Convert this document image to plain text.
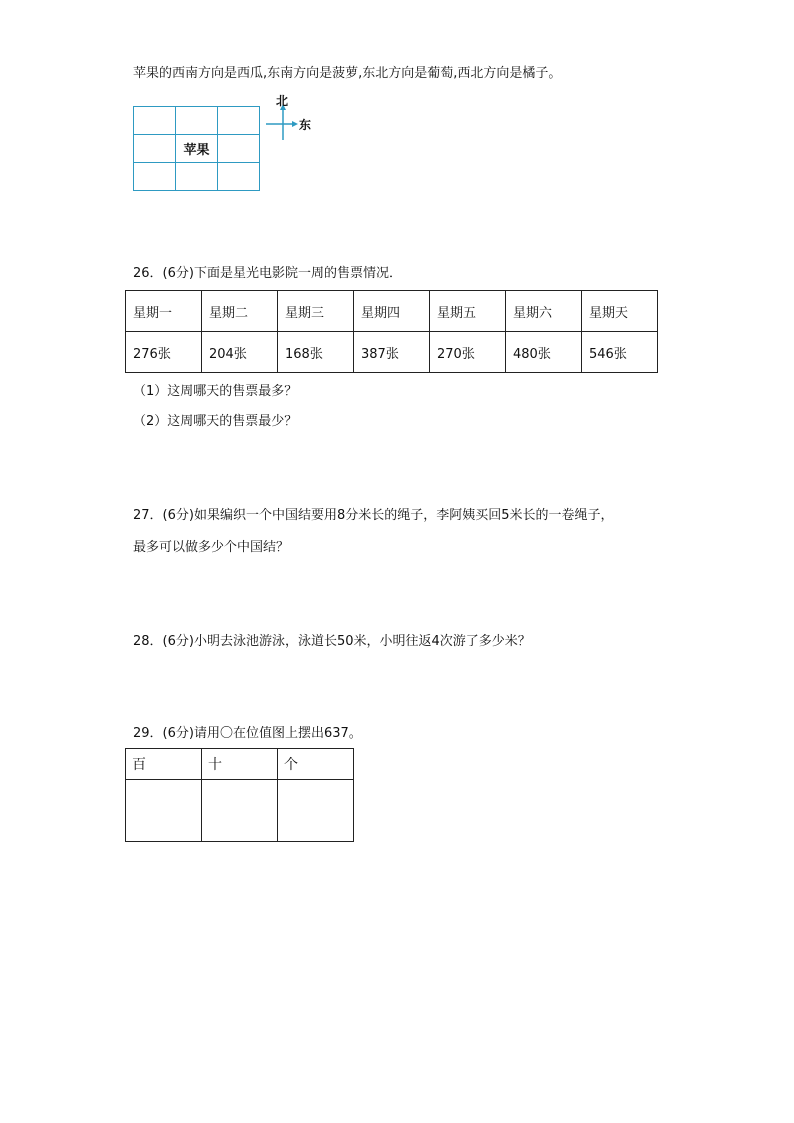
苹果的西南方向是西瓜,东南方向是菠萝,东北方向是葡萄,西北方向是橘子。

	苹果	

北
东
26．(6分)下面是星光电影院一周的售票情况．
星期一	星期二	星期三	星期四	星期五	星期六	星期天
276张	204张	168张	387张	270张	480张	546张
（1）这周哪天的售票最多？
（2）这周哪天的售票最少？
27．(6分)如果编织一个中国结要用8分米长的绳子，李阿姨买回5米长的一卷绳子，
最多可以做多少个中国结？
28．(6分)小明去泳池游泳，泳道长50米，小明往返4次游了多少米？
29．(6分)请用〇在位值图上摆出637。
百	十	个
